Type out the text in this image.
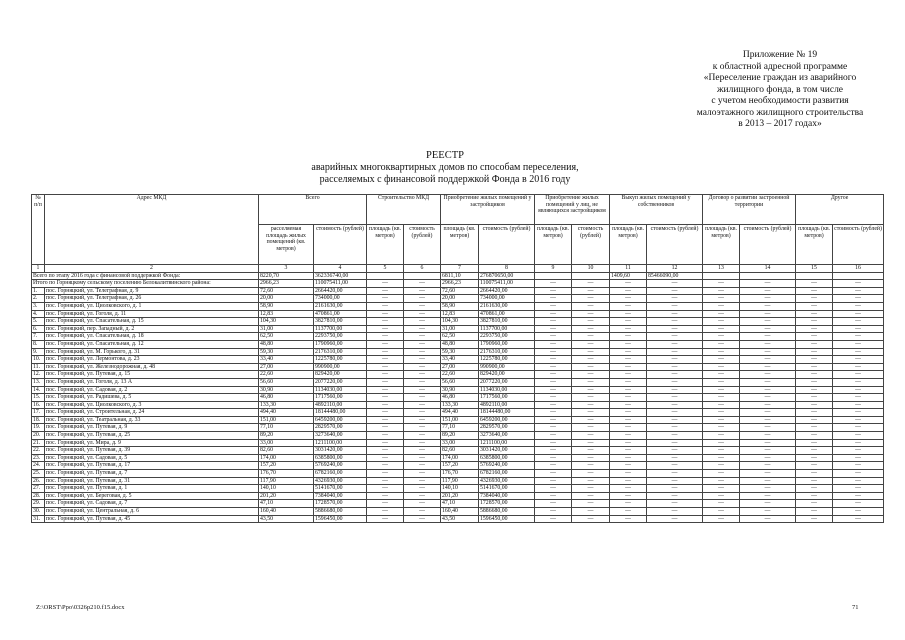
Приложение № 19
к областной адресной программе
«Переселение граждан из аварийного
жилищного фонда, в том числе
с учетом необходимости развития
малоэтажного жилищного строительства
в 2013 – 2017 годах»
РЕЕСТР
аварийных многоквартирных домов по способам переселения,
расселяемых с финансовой поддержкой Фонда в 2016 году
№ п/п	Адрес МКД	Всего		Строительство МКД		Приобретение жилых помещений у застройщиков		Приобретение жилых помещений у лиц, не являющихся застройщиком		Выкуп жилых помещений у собственников		Договор о развитии застроенной территории		Другое	
		расселяемая площадь жилых помещений (кв. метров)	стоимость (рублей)	площадь (кв. метров)	стоимость (рублей)	площадь (кв. метров)	стоимость (рублей)	площадь (кв. метров)	стоимость (рублей)	площадь (кв. метров)	стоимость (рублей)	площадь (кв. метров)	стоимость (рублей)	площадь (кв. метров)	стоимость (рублей)
1	2	3	4	5	6	7	8	9	10	11	12	13	14	15	16
Всего по этапу 2016 года с финансовой поддержкой Фонда:		8220,70	362336740,00			6811,10	276870650,00			1409,60	85466090,00				
Итого по Горняцкому сельскому поселению Белокалитвинского района:		2966,23	110075411,00	—	—	2966,23	110075411,00	—	—	—	—	—	—	—	—
1.	пос. Горняцкий, ул. Телеграфная, д. 9	72,60	2664420,00	—	—	72,60	2664420,00	—	—	—	—	—	—	—	—
2.	пос. Горняцкий, ул. Телеграфная, д. 26	20,00	734000,00	—	—	20,00	734000,00	—	—	—	—	—	—	—	—
3.	пос. Горняцкий, ул. Циолковского, д. 1	58,90	2161630,00	—	—	58,90	2161630,00	—	—	—	—	—	—	—	—
4.	пос. Горняцкий, ул. Гоголя, д. 11	12,83	470861,00	—	—	12,83	470861,00	—	—	—	—	—	—	—	—
5.	пос. Горняцкий, ул. Спасательная, д. 15	104,30	3827810,00	—	—	104,30	3827810,00	—	—	—	—	—	—	—	—
6.	пос. Горняцкий, пер. Западный, д. 2	31,00	1137700,00	—	—	31,00	1137700,00	—	—	—	—	—	—	—	—
7.	пос. Горняцкий, ул. Спасательная, д. 18	62,50	2293750,00	—	—	62,50	2293750,00	—	—	—	—	—	—	—	—
8.	пос. Горняцкий, ул. Спасательная, д. 12	48,80	1790960,00	—	—	48,80	1790960,00	—	—	—	—	—	—	—	—
9.	пос. Горняцкий, ул. М. Горького, д. 31	59,30	2176310,00	—	—	59,30	2176310,00	—	—	—	—	—	—	—	—
10.	пос. Горняцкий, ул. Лермонтова, д. 23	33,40	1225780,00	—	—	33,40	1225780,00	—	—	—	—	—	—	—	—
11.	пос. Горняцкий, ул. Железнодорожная, д. 48	27,00	990900,00	—	—	27,00	990900,00	—	—	—	—	—	—	—	—
12.	пос. Горняцкий, ул. Путевая, д. 15	22,60	829420,00	—	—	22,60	829420,00	—	—	—	—	—	—	—	—
13.	пос. Горняцкий, ул. Гоголя, д. 13 А	56,60	2077220,00	—	—	56,60	2077220,00	—	—	—	—	—	—	—	—
14.	пос. Горняцкий, ул. Садовая, д. 2	30,90	1134030,00	—	—	30,90	1134030,00	—	—	—	—	—	—	—	—
15.	пос. Горняцкий, ул. Радишева, д. 5	46,80	1717560,00	—	—	46,80	1717560,00	—	—	—	—	—	—	—	—
16.	пос. Горняцкий, ул. Циолковского, д. 3	133,30	4892110,00	—	—	133,30	4892110,00	—	—	—	—	—	—	—	—
17.	пос. Горняцкий, ул. Строительная, д. 24	494,40	18144480,00	—	—	494,40	18144480,00	—	—	—	—	—	—	—	—
18.	пос. Горняцкий, ул. Театральная, д. 33	151,00	6459200,00	—	—	151,00	6459200,00	—	—	—	—	—	—	—	—
19.	пос. Горняцкий, ул. Путевая, д. 9	77,10	2829570,00	—	—	77,10	2829570,00	—	—	—	—	—	—	—	—
20.	пос. Горняцкий, ул. Путевая, д. 25	89,20	3273640,00	—	—	89,20	3273640,00	—	—	—	—	—	—	—	—
21.	пос. Горняцкий, ул. Мира, д. 9	33,00	1211100,00	—	—	33,00	1211100,00	—	—	—	—	—	—	—	—
22.	пос. Горняцкий, ул. Путевая, д. 39	82,60	3031420,00	—	—	82,60	3031420,00	—	—	—	—	—	—	—	—
23.	пос. Горняцкий, ул. Садовая, д. 5	174,00	6385800,00	—	—	174,00	6385800,00	—	—	—	—	—	—	—	—
24.	пос. Горняцкий, ул. Путевая, д. 17	157,20	5769240,00	—	—	157,20	5769240,00	—	—	—	—	—	—	—	—
25.	пос. Горняцкий, ул. Путевая, д. 7	176,70	6782160,00	—	—	176,70	6782160,00	—	—	—	—	—	—	—	—
26.	пос. Горняцкий, ул. Путевая, д. 31	117,90	4326930,00	—	—	117,90	4326930,00	—	—	—	—	—	—	—	—
27.	пос. Горняцкий, ул. Путевая, д. 1	140,10	5141670,00	—	—	140,10	5141670,00	—	—	—	—	—	—	—	—
28.	пос. Горняцкий, ул. Береговая, д. 5	201,20	7384040,00	—	—	201,20	7384040,00	—	—	—	—	—	—	—	—
29.	пос. Горняцкий, ул. Садовая, д. 7	47,10	1728570,00	—	—	47,10	1728570,00	—	—	—	—	—	—	—	—
30.	пос. Горняцкий, ул. Центральная, д. 6	160,40	5886680,00	—	—	160,40	5886680,00	—	—	—	—	—	—	—	—
31.	пос. Горняцкий, ул. Путевая, д. 45	43,50	1596450,00	—	—	43,50	1596450,00	—	—	—	—	—	—	—	—
Z:\ORST\Ppo\0326p210.f15.docx	71
